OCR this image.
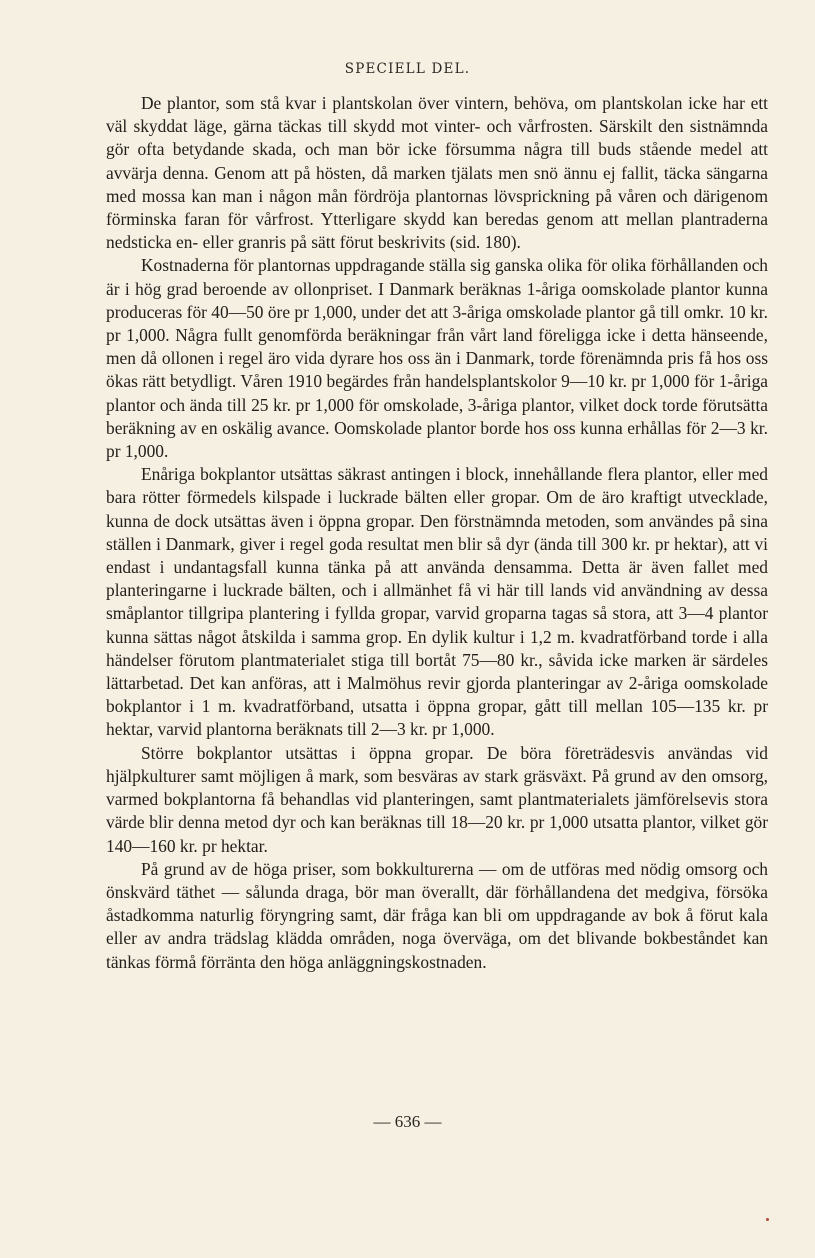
SPECIELL DEL.

De plantor, som stå kvar i plantskolan över vintern, behöva, om plantskolan icke har ett väl skyddat läge, gärna täckas till skydd mot vinter- och vårfrosten. Särskilt den sistnämnda gör ofta betydande skada, och man bör icke försumma några till buds stående medel att avvärja denna. Genom att på hösten, då marken tjälats men snö ännu ej fallit, täcka sängarna med mossa kan man i någon mån fördröja plantornas lövsprickning på våren och därigenom förminska faran för vårfrost. Ytterligare skydd kan beredas genom att mellan plantraderna nedsticka en- eller granris på sätt förut beskrivits (sid. 180).

Kostnaderna för plantornas uppdragande ställa sig ganska olika för olika förhållanden och är i hög grad beroende av ollonpriset. I Danmark beräknas 1-åriga oomskolade plantor kunna produceras för 40—50 öre pr 1,000, under det att 3-åriga omskolade plantor gå till omkr. 10 kr. pr 1,000. Några fullt genomförda beräkningar från vårt land föreligga icke i detta hänseende, men då ollonen i regel äro vida dyrare hos oss än i Danmark, torde förenämnda pris få hos oss ökas rätt betydligt. Våren 1910 begärdes från handelsplantskolor 9—10 kr. pr 1,000 för 1-åriga plantor och ända till 25 kr. pr 1,000 för omskolade, 3-åriga plantor, vilket dock torde förutsätta beräkning av en oskälig avance. Oomskolade plantor borde hos oss kunna erhållas för 2—3 kr. pr 1,000.

Enåriga bokplantor utsättas säkrast antingen i block, innehållande flera plantor, eller med bara rötter förmedels kilspade i luckrade bälten eller gropar. Om de äro kraftigt utvecklade, kunna de dock utsättas även i öppna gropar. Den förstnämnda metoden, som användes på sina ställen i Danmark, giver i regel goda resultat men blir så dyr (ända till 300 kr. pr hektar), att vi endast i undantagsfall kunna tänka på att använda densamma. Detta är även fallet med planteringarne i luckrade bälten, och i allmänhet få vi här till lands vid användning av dessa småplantor tillgripa plantering i fyllda gropar, varvid groparna tagas så stora, att 3—4 plantor kunna sättas något åtskilda i samma grop. En dylik kultur i 1,2 m. kvadratförband torde i alla händelser förutom plantmaterialet stiga till bortåt 75—80 kr., såvida icke marken är särdeles lättarbetad. Det kan anföras, att i Malmöhus revir gjorda planteringar av 2-åriga oomskolade bokplantor i 1 m. kvadratförband, utsatta i öppna gropar, gått till mellan 105—135 kr. pr hektar, varvid plantorna beräknats till 2—3 kr. pr 1,000.

Större bokplantor utsättas i öppna gropar. De böra företrädesvis användas vid hjälpkulturer samt möjligen å mark, som besväras av stark gräsväxt. På grund av den omsorg, varmed bokplantorna få behandlas vid planteringen, samt plantmaterialets jämförelsevis stora värde blir denna metod dyr och kan beräknas till 18—20 kr. pr 1,000 utsatta plantor, vilket gör 140—160 kr. pr hektar.

På grund av de höga priser, som bokkulturerna — om de utföras med nödig omsorg och önskvärd täthet — sålunda draga, bör man överallt, där förhållandena det medgiva, försöka åstadkomma naturlig föryngring samt, där fråga kan bli om uppdragande av bok å förut kala eller av andra trädslag klädda områden, noga överväga, om det blivande bokbeståndet kan tänkas förmå förränta den höga anläggningskostnaden.

— 636 —
